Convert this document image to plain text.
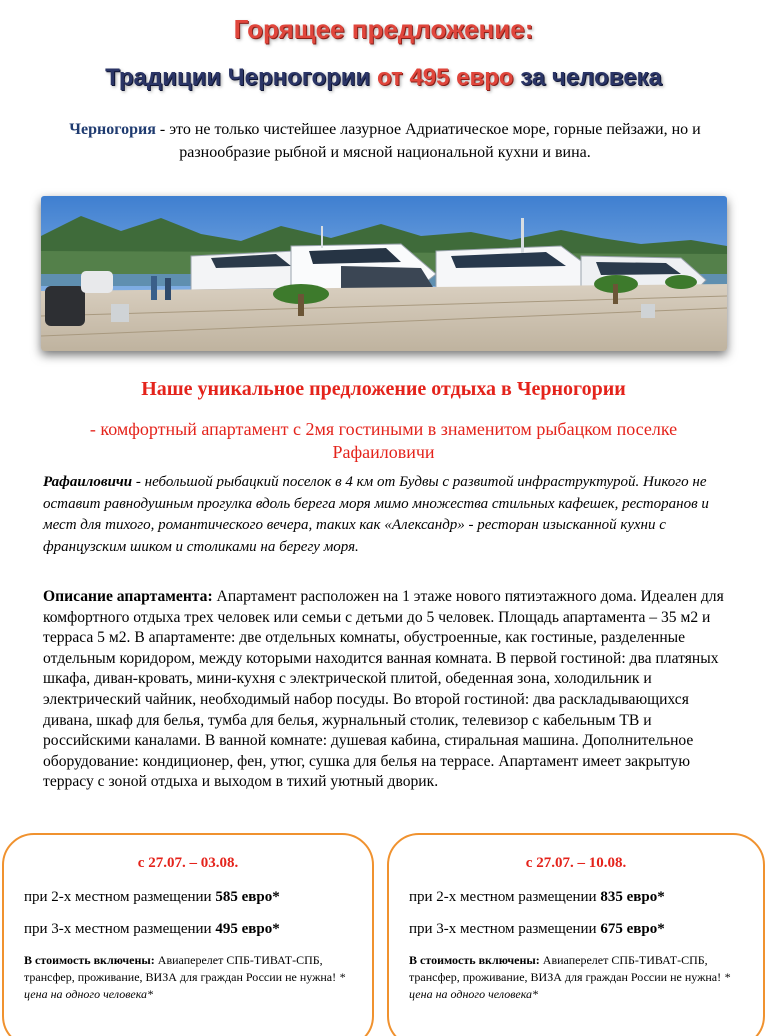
Горящее предложение:
Традиции Черногории от 495 евро за человека

Черногория - это не только чистейшее лазурное Адриатическое море, горные пейзажи, но и разнообразие рыбной и мясной национальной кухни и вина.

Наше уникальное предложение отдыха в Черногории
- комфортный апартамент с 2мя гостиными в знаменитом рыбацком поселке Рафаиловичи

Рафаиловичи - небольшой рыбацкий поселок в 4 км от Будвы с развитой инфраструктурой. Никого не оставит равнодушным прогулка вдоль берега моря мимо множества стильных кафешек, ресторанов и мест для тихого, романтического вечера, таких как «Александр» - ресторан изысканной кухни с французским шиком и столиками на берегу моря.

Описание апартамента: Апартамент расположен на 1 этаже нового пятиэтажного дома. Идеален для комфортного отдыха трех человек или семьи с детьми до 5 человек. Площадь апартамента – 35 м2 и терраса 5 м2. В апартаменте: две отдельных комнаты, обустроенные, как гостиные, разделенные отдельным коридором, между которыми находится ванная комната. В первой гостиной: два платяных шкафа, диван-кровать, мини-кухня с электрической плитой, обеденная зона, холодильник и электрический чайник, необходимый набор посуды. Во второй гостиной: два раскладывающихся дивана, шкаф для белья, тумба для белья, журнальный столик, телевизор с кабельным ТВ и российскими каналами. В ванной комнате: душевая кабина, стиральная машина. Дополнительное оборудование: кондиционер, фен, утюг, сушка для белья на террасе. Апартамент имеет закрытую террасу с зоной отдыха и выходом в тихий уютный дворик.

с 27.07. – 03.08.
при 2-х местном размещении 585 евро*
при 3-х местном размещении 495 евро*

В стоимость включены: Авиаперелет СПБ-ТИВАТ-СПБ, трансфер, проживание, ВИЗА для граждан России не нужна! * цена на одного человека*

с 27.07. – 10.08.
при 2-х местном размещении 835 евро*
при 3-х местном размещении 675 евро*

В стоимость включены: Авиаперелет СПБ-ТИВАТ-СПБ, трансфер, проживание, ВИЗА для граждан России не нужна! * цена на одного человека*
